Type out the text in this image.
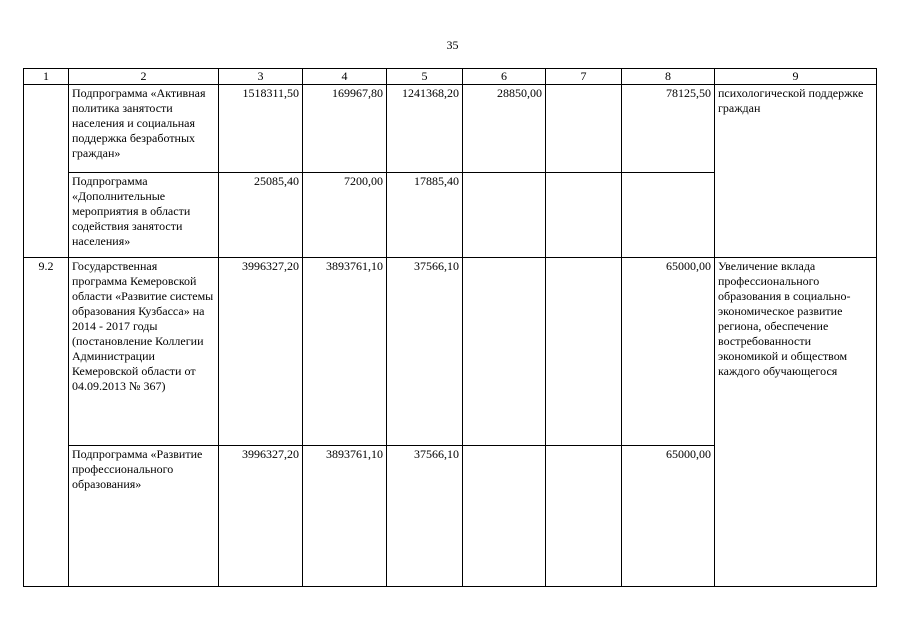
35
1	2	3	4	5	6	7	8	9
	Подпрограмма «Активная политика занятости населения и социальная поддержка безработных граждан»	1518311,50	169967,80	1241368,20	28850,00		78125,50	психологической поддержке граждан
	Подпрограмма «Дополнительные мероприятия в области содействия занятости населения»	25085,40	7200,00	17885,40				
9.2	Государственная программа Кемеровской области «Развитие системы образования Кузбасса» на 2014 - 2017 годы (постановление Коллегии Администрации Кемеровской области от 04.09.2013 № 367)	3996327,20	3893761,10	37566,10			65000,00	Увеличение вклада профессионального образования в социально-экономическое развитие региона, обеспечение востребованности экономикой и обществом каждого обучающегося
	Подпрограмма «Развитие профессионального образования»	3996327,20	3893761,10	37566,10			65000,00	
